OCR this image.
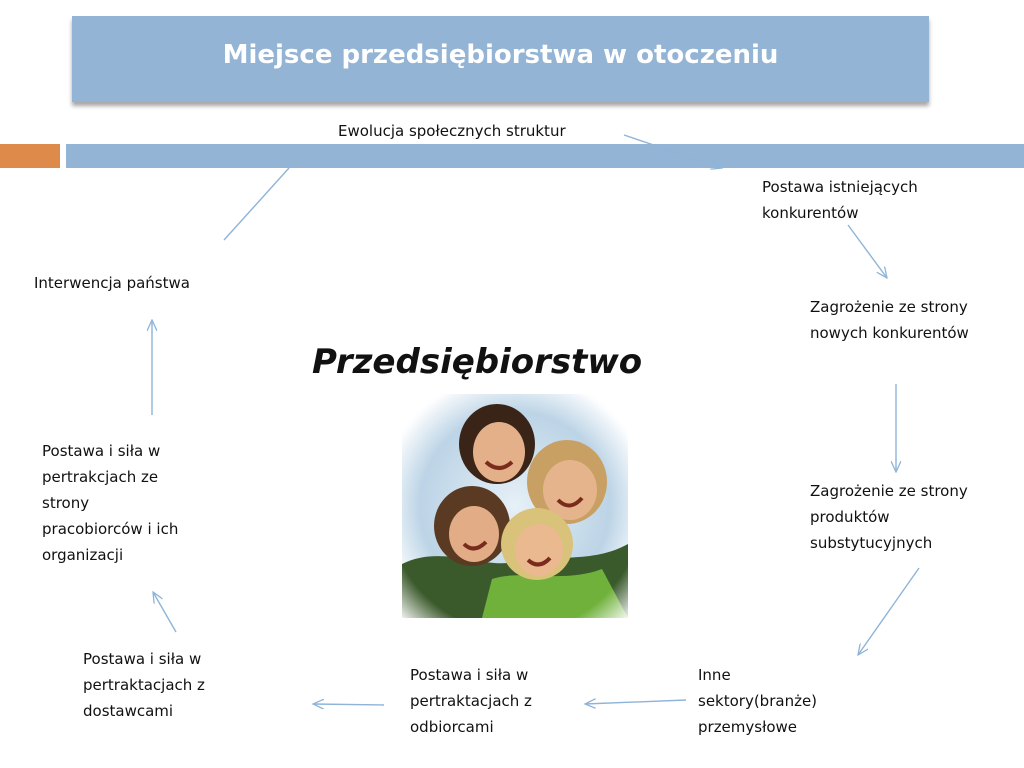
Miejsce przedsiębiorstwa w otoczeniu
Ewolucja społecznych struktur
Postawa istniejących
konkurentów
Zagrożenie ze strony
nowych konkurentów
Zagrożenie ze strony
produktów
substytucyjnych
Inne
sektory(branże)
przemysłowe
Postawa i siła w
pertraktacjach z
odbiorcami
Postawa i siła w
pertraktacjach z
dostawcami
Postawa i siła w
pertrakcjach ze
strony
pracobiorców i ich
organizacji
Interwencja państwa
Przedsiębiorstwo
